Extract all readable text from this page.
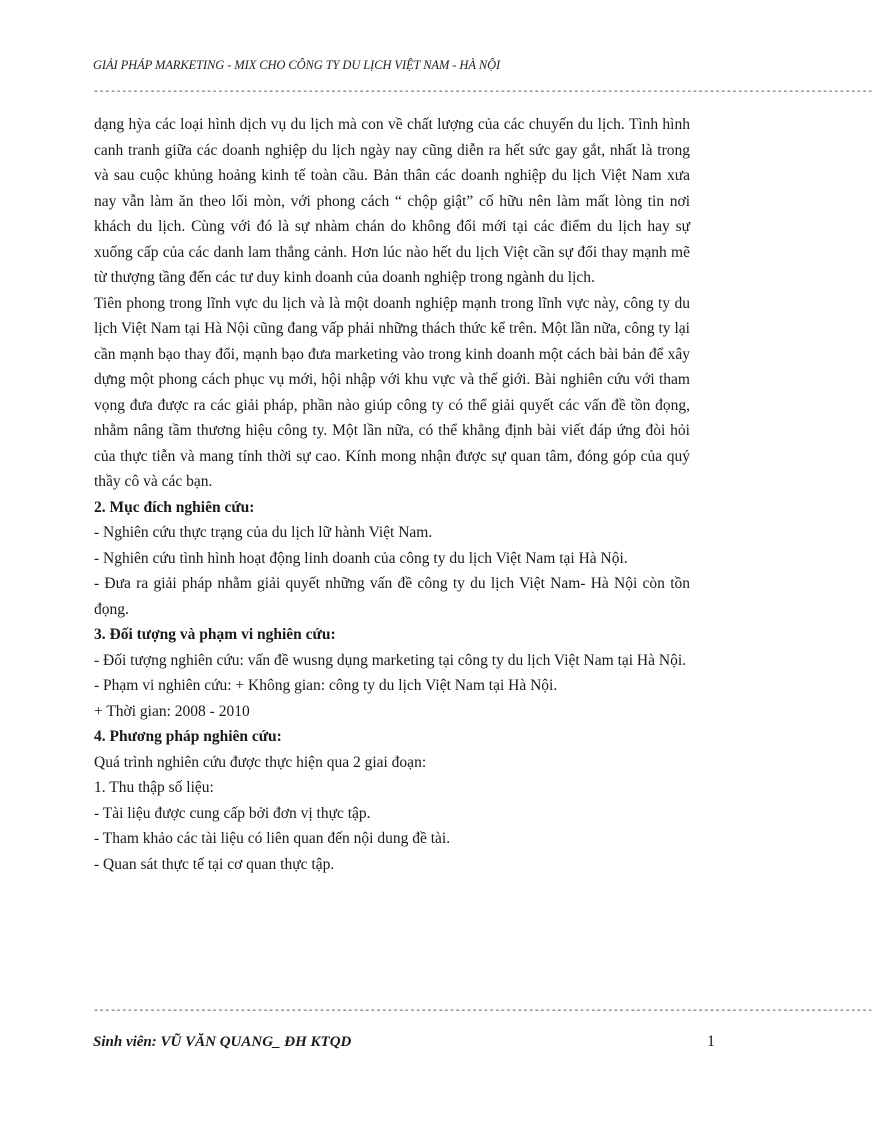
GIẢI PHÁP MARKETING - MIX CHO CÔNG TY DU LỊCH VIỆT NAM - HÀ NỘI
------------------------------------------------------------------------------------------------------------------------------------------

dạng hỳa các loại hình dịch vụ du lịch mà con về chất lượng của các chuyến du lịch. Tình hình canh tranh giữa các doanh nghiệp du lịch ngày nay cũng diễn ra hết sức gay gắt, nhất là trong và sau cuộc khủng hoảng kinh tế toàn cầu. Bản thân các doanh nghiệp du lịch Việt Nam xưa nay vẫn làm ăn theo lối mòn, với phong cách “ chộp giật” cố hữu nên làm mất lòng tin nơi khách du lịch. Cùng với đó là sự nhàm chán do không đổi mới tại các điểm du lịch hay sự xuống cấp của các danh lam thắng cảnh. Hơn lúc nào hết du lịch Việt cần sự đổi thay mạnh mẽ từ thượng tầng đến các tư duy kinh doanh của doanh nghiệp trong ngành du lịch.

Tiên phong trong lĩnh vực du lịch và là một doanh nghiệp mạnh trong lĩnh vực này, công ty du lịch Việt Nam tại Hà Nội cũng đang vấp phải những thách thức kể trên. Một lần nữa, công ty lại cần mạnh bạo thay đổi, mạnh bạo đưa marketing vào trong kinh doanh một cách bài bản để xây dựng một phong cách phục vụ mới, hội nhập với khu vực và thế giới. Bài nghiên cứu với tham vọng đưa được ra các giải pháp, phần nào giúp công ty có thể giải quyết các vấn đề tồn đọng, nhằm nâng tầm thương hiệu công ty. Một lần nữa, có thể khẳng định bài viết đáp ứng đòi hỏi của thực tiễn và mang tính thời sự cao. Kính mong nhận được sự quan tâm, đóng góp của quý thầy cô và các bạn.

2. Mục đích nghiên cứu:

- Nghiên cứu thực trạng của du lịch lữ hành Việt Nam.

- Nghiên cứu tình hình hoạt động linh doanh của công ty du lịch Việt Nam tại Hà Nội.

- Đưa ra giải pháp nhằm giải quyết những vấn đề công ty du lịch Việt Nam- Hà Nội còn tồn đọng.

3. Đối tượng và phạm vi nghiên cứu:

- Đối tượng nghiên cứu: vấn đề wusng dụng marketing tại công ty du lịch Việt Nam tại Hà Nội.

- Phạm vi nghiên cứu: + Không gian: công ty du lịch Việt Nam tại Hà Nội.

+ Thời gian: 2008 - 2010

4. Phương pháp nghiên cứu:

Quá trình nghiên cứu được thực hiện qua 2 giai đoạn:

1. Thu thập số liệu:

- Tài liệu được cung cấp bởi đơn vị thực tập.

- Tham khảo các tài liệu có liên quan đến nội dung đề tài.

- Quan sát thực tế tại cơ quan thực tập.

------------------------------------------------------------------------------------------------------------------------------------------
Sinh viên: VŨ VĂN QUANG_ ĐH KTQD	1
